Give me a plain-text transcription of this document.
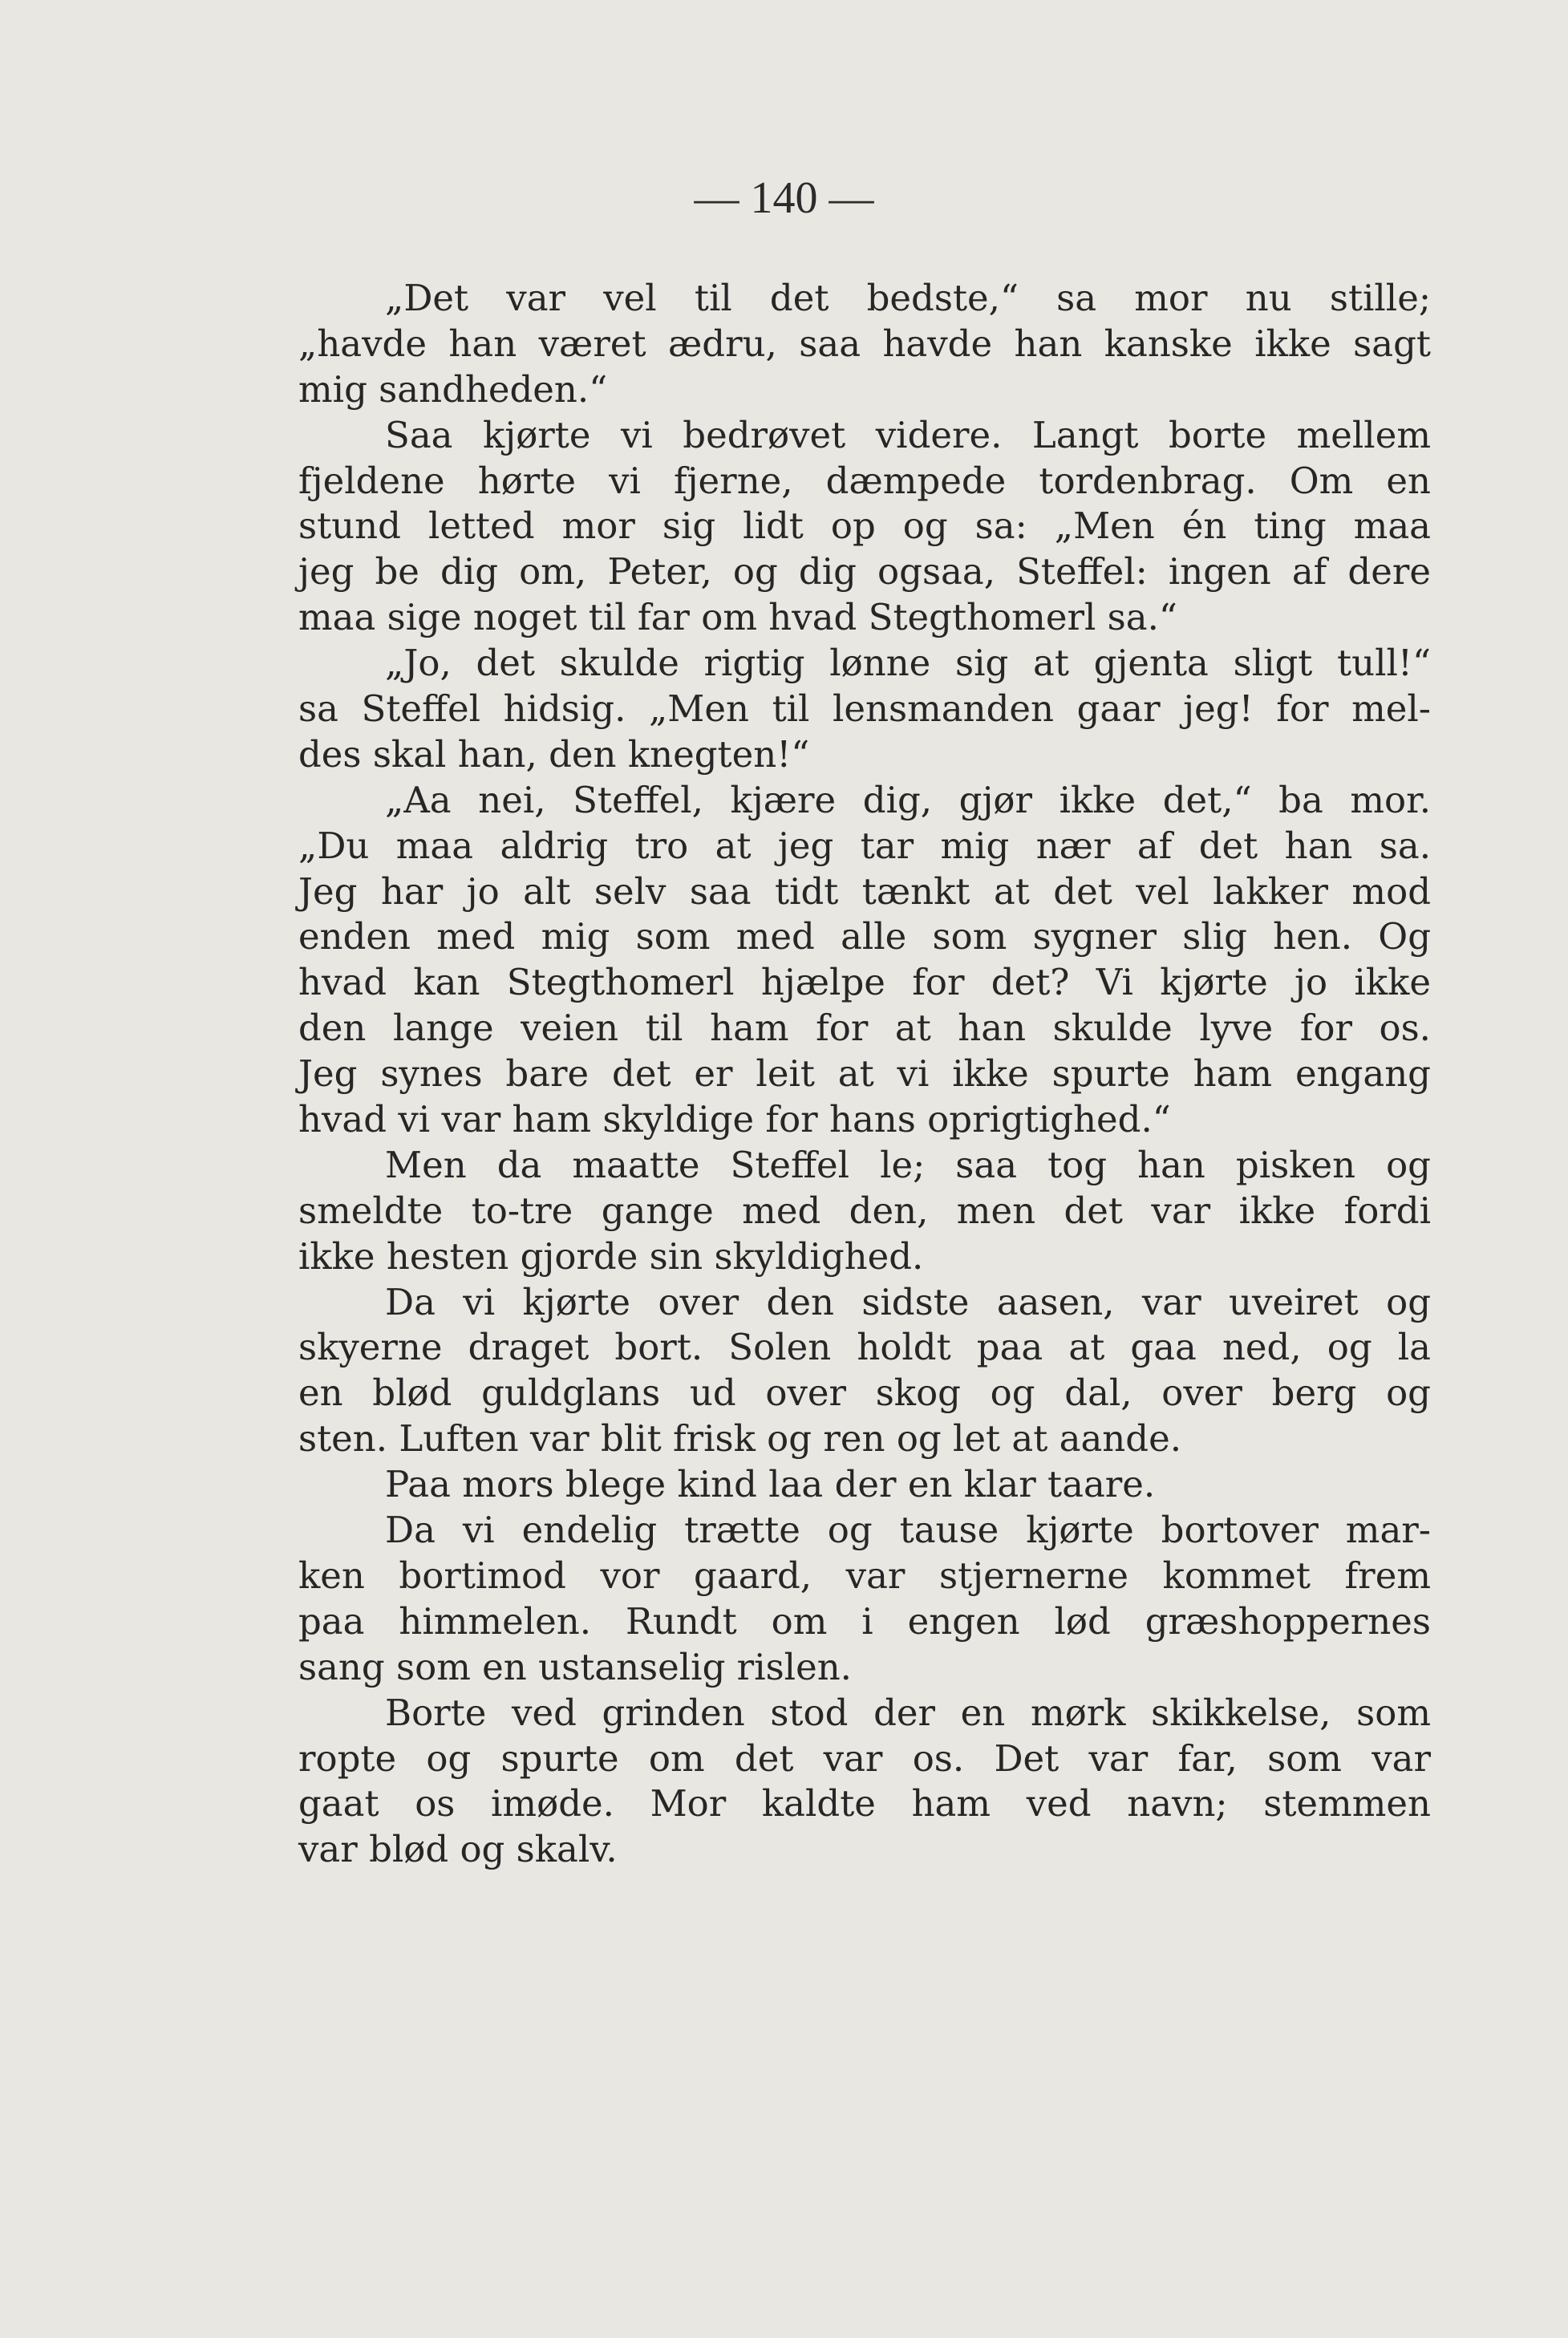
— 140 —
„Det var vel til det bedste,“ sa mor nu stille;
„havde han været ædru, saa havde han kanske ikke sagt
mig sandheden.“
Saa kjørte vi bedrøvet videre. Langt borte mellem
fjeldene hørte vi fjerne, dæmpede tordenbrag. Om en
stund letted mor sig lidt op og sa: „Men én ting maa
jeg be dig om, Peter, og dig ogsaa, Steffel: ingen af dere
maa sige noget til far om hvad Stegthomerl sa.“
„Jo, det skulde rigtig lønne sig at gjenta sligt tull!“
sa Steffel hidsig. „Men til lensmanden gaar jeg! for mel-
des skal han, den knegten!“
„Aa nei, Steffel, kjære dig, gjør ikke det,“ ba mor.
„Du maa aldrig tro at jeg tar mig nær af det han sa.
Jeg har jo alt selv saa tidt tænkt at det vel lakker mod
enden med mig som med alle som sygner slig hen. Og
hvad kan Stegthomerl hjælpe for det? Vi kjørte jo ikke
den lange veien til ham for at han skulde lyve for os.
Jeg synes bare det er leit at vi ikke spurte ham engang
hvad vi var ham skyldige for hans oprigtighed.“
Men da maatte Steffel le; saa tog han pisken og
smeldte to-tre gange med den, men det var ikke fordi
ikke hesten gjorde sin skyldighed.
Da vi kjørte over den sidste aasen, var uveiret og
skyerne draget bort. Solen holdt paa at gaa ned, og la
en blød guldglans ud over skog og dal, over berg og
sten. Luften var blit frisk og ren og let at aande.
Paa mors blege kind laa der en klar taare.
Da vi endelig trætte og tause kjørte bortover mar-
ken bortimod vor gaard, var stjernerne kommet frem
paa himmelen. Rundt om i engen lød græshoppernes
sang som en ustanselig rislen.
Borte ved grinden stod der en mørk skikkelse, som
ropte og spurte om det var os. Det var far, som var
gaat os imøde. Mor kaldte ham ved navn; stemmen
var blød og skalv.
